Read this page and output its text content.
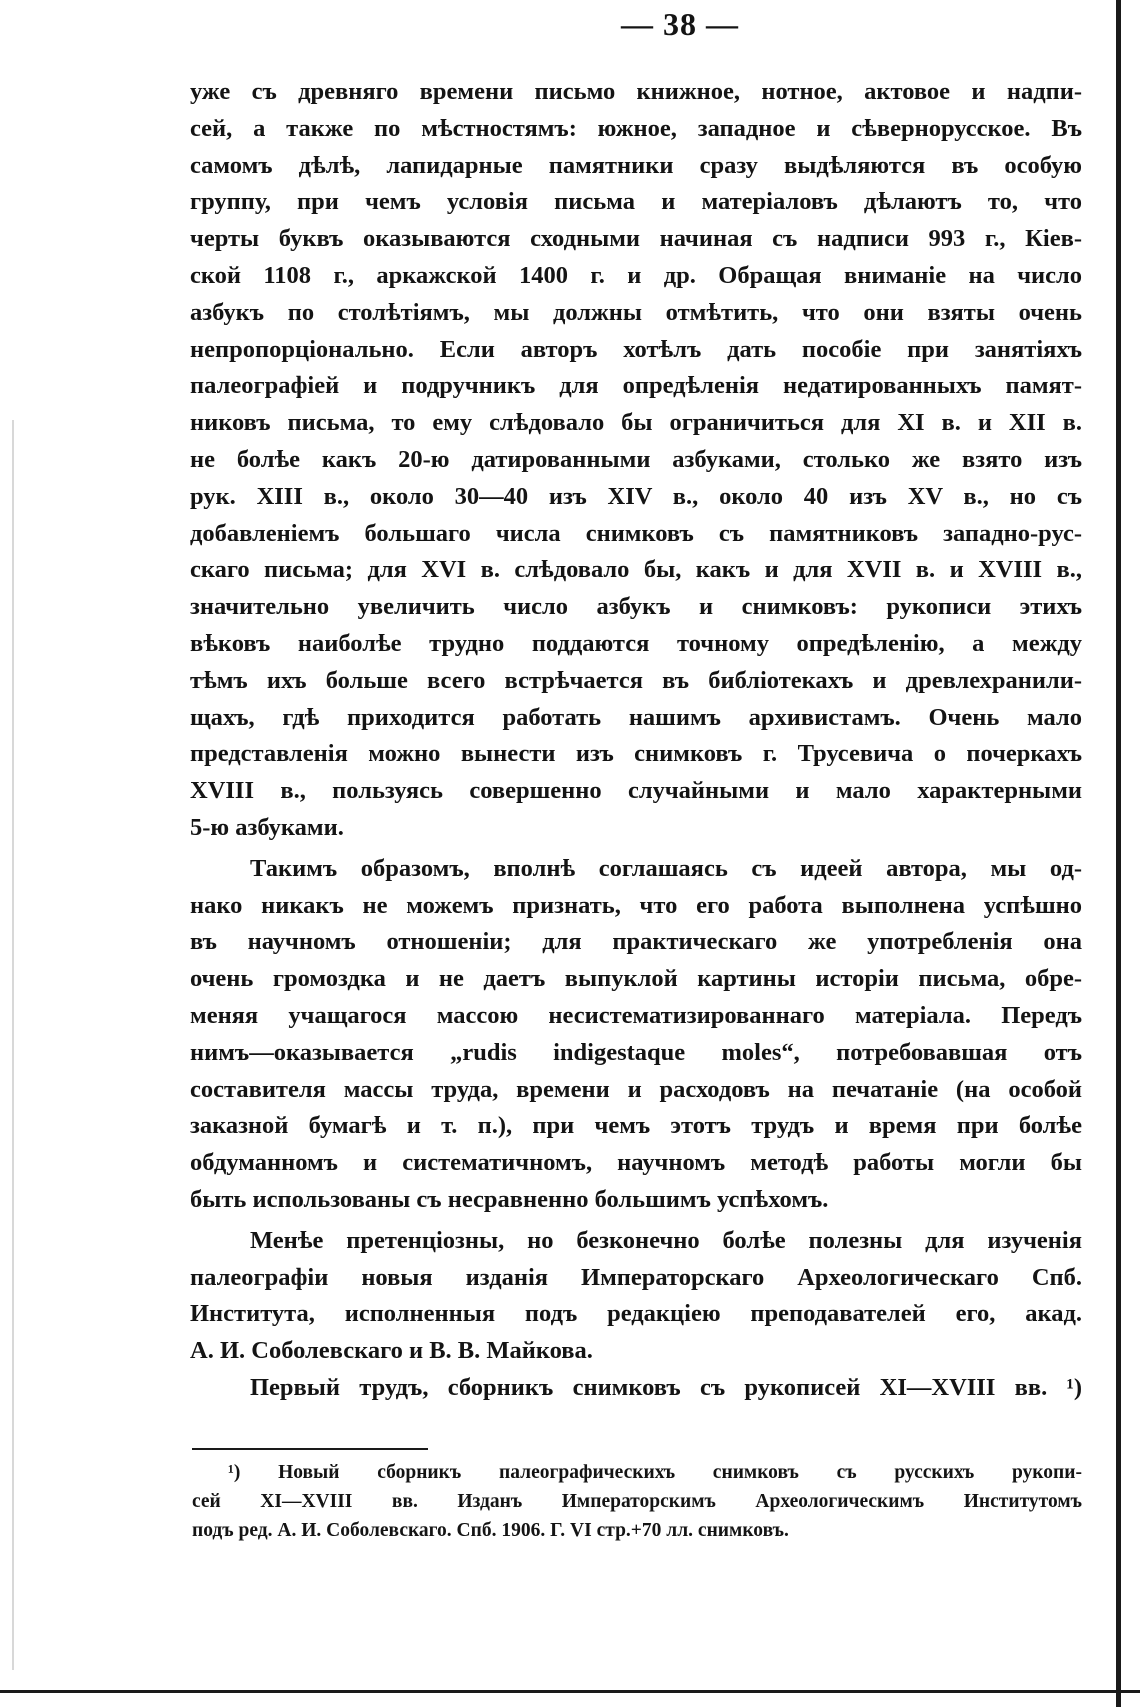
— 38 —
уже съ древняго времени письмо книжное, нотное, актовое и надпи-
сей, а также по мѣстностямъ: южное, западное и сѣвернорусское. Въ
самомъ дѣлѣ, лапидарные памятники сразу выдѣляются въ особую
группу, при чемъ условія письма и матеріаловъ дѣлаютъ то, что
черты буквъ оказываются сходными начиная съ надписи 993 г., Кіев-
ской 1108 г., аркажской 1400 г. и др. Обращая вниманіе на число
азбукъ по столѣтіямъ, мы должны отмѣтить, что они взяты очень
непропорціонально. Если авторъ хотѣлъ дать пособіе при занятіяхъ
палеографіей и подручникъ для опредѣленія недатированныхъ памят-
никовъ письма, то ему слѣдовало бы ограничиться для XI в. и XII в.
не болѣе какъ 20-ю датированными азбуками, столько же взято изъ
рук. XIII в., около 30—40 изъ XIV в., около 40 изъ XV в., но съ
добавленіемъ большаго числа снимковъ съ памятниковъ западно-рус-
скаго письма; для XVI в. слѣдовало бы, какъ и для XVII в. и XVIII в.,
значительно увеличить число азбукъ и снимковъ: рукописи этихъ
вѣковъ наиболѣе трудно поддаются точному опредѣленію, а между
тѣмъ ихъ больше всего встрѣчается въ библіотекахъ и древлехранили-
щахъ, гдѣ приходится работать нашимъ архивистамъ. Очень мало
представленія можно вынести изъ снимковъ г. Трусевича о почеркахъ
XVIII в., пользуясь совершенно случайными и мало характерными
5-ю азбуками.
Такимъ образомъ, вполнѣ соглашаясь съ идеей автора, мы од-
нако никакъ не можемъ признать, что его работа выполнена успѣшно
въ научномъ отношеніи; для практическаго же употребленія она
очень громоздка и не даетъ выпуклой картины исторіи письма, обре-
меняя учащагося массою несистематизированнаго матеріала. Передъ
нимъ—оказывается „rudis indigestaque moles“, потребовавшая отъ
составителя массы труда, времени и расходовъ на печатаніе (на особой
заказной бумагѣ и т. п.), при чемъ этотъ трудъ и время при болѣе
обдуманномъ и систематичномъ, научномъ методѣ работы могли бы
быть использованы съ несравненно большимъ успѣхомъ.
Менѣе претенціозны, но безконечно болѣе полезны для изученія
палеографіи новыя изданія Императорскаго Археологическаго Спб.
Института, исполненныя подъ редакціею преподавателей его, акад.
А. И. Соболевскаго и В. В. Майкова.
Первый трудъ, сборникъ снимковъ съ рукописей XI—XVIII вв. ¹)
¹) Новый сборникъ палеографическихъ снимковъ съ русскихъ рукопи-
сей XI—XVIII вв. Изданъ Императорскимъ Археологическимъ Институтомъ
подъ ред. А. И. Соболевскаго. Спб. 1906. Г. VI стр.+70 лл. снимковъ.
